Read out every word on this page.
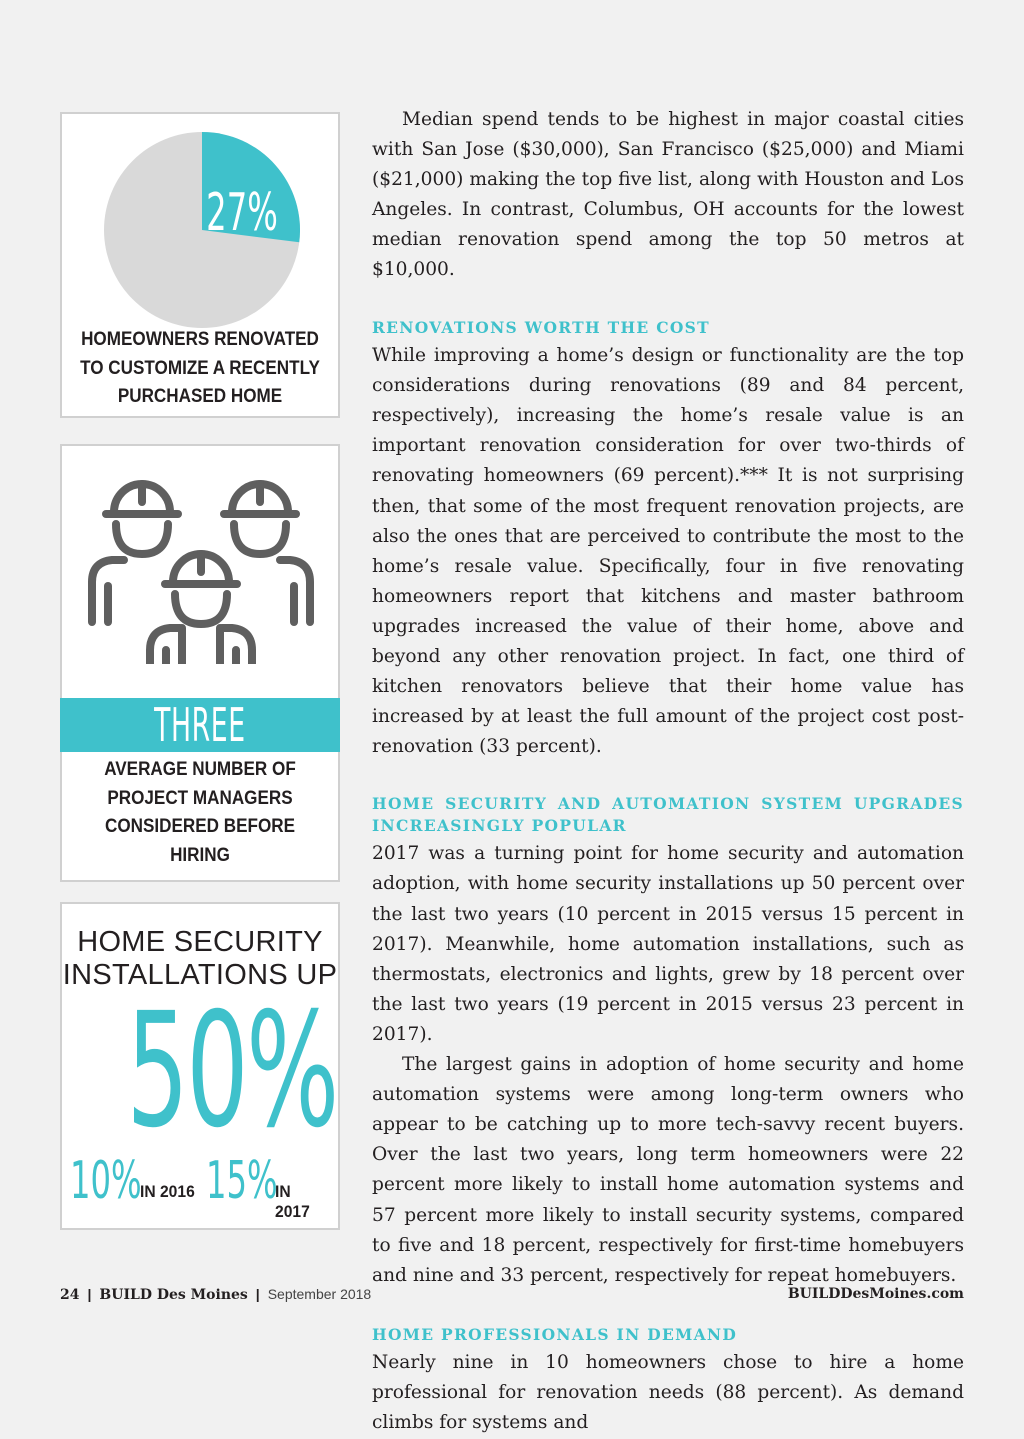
27%
HOMEOWNERS RENOVATED
TO CUSTOMIZE A RECENTLY
PURCHASED HOME
THREE
AVERAGE NUMBER OF
PROJECT MANAGERS
CONSIDERED BEFORE
HIRING
HOME SECURITY
INSTALLATIONS UP
50%
10%
IN 2016 15%
IN 2017

Median spend tends to be highest in major coastal cities with San Jose ($30,000), San Francisco ($25,000) and Miami ($21,000) making the top five list, along with Houston and Los Angeles. In contrast, Columbus, OH accounts for the lowest median renovation spend among the top 50 metros at $10,000.

RENOVATIONS WORTH THE COST

While improving a home’s design or functionality are the top considerations during renovations (89 and 84 percent, respectively), increasing the home’s resale value is an important renovation consideration for over two-thirds of renovating homeowners (69 percent).*** It is not surprising then, that some of the most frequent renovation projects, are also the ones that are perceived to contribute the most to the home’s resale value. Specifically, four in five renovating homeowners report that kitchens and master bathroom upgrades increased the value of their home, above and beyond any other renovation project. In fact, one third of kitchen renovators believe that their home value has increased by at least the full amount of the project cost post-renovation (33 percent).

HOME SECURITY AND AUTOMATION SYSTEM UPGRADES INCREASINGLY POPULAR

2017 was a turning point for home security and automation adoption, with home security installations up 50 percent over the last two years (10 percent in 2015 versus 15 percent in 2017). Meanwhile, home automation installations, such as thermostats, electronics and lights, grew by 18 percent over the last two years (19 percent in 2015 versus 23 percent in 2017).

The largest gains in adoption of home security and home automation systems were among long-term owners who appear to be catching up to more tech-savvy recent buyers. Over the last two years, long term homeowners were 22 percent more likely to install home automation systems and 57 percent more likely to install security systems, compared to five and 18 percent, respectively for first-time homebuyers and nine and 33 percent, respectively for repeat homebuyers.

HOME PROFESSIONALS IN DEMAND

Nearly nine in 10 homeowners chose to hire a home professional for renovation needs (88 percent). As demand climbs for systems and

24 | BUILD Des Moines | September 2018	BUILDDesMoines.com
